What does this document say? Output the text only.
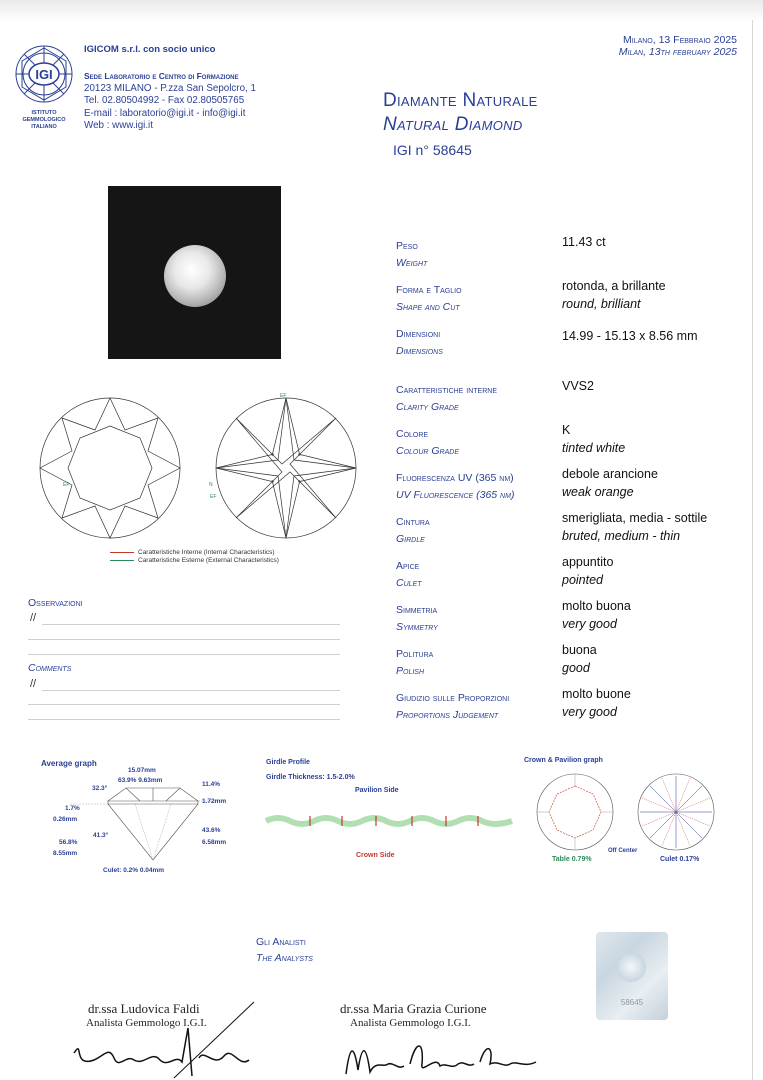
IGI
ISTITUTO
GEMMOLOGICO
ITALIANO
IGICOM s.r.l. con socio unico
Sede Laboratorio e Centro di Formazione
20123 MILANO - P.zza San Sepolcro, 1
Tel. 02.80504992 - Fax 02.80505765
E-mail : laboratorio@igi.it - info@igi.it
Web : www.igi.it
Milano, 13 Febbraio 2025
Milan, 13th february 2025
Diamante Naturale
Natural Diamond
IGI n° 58645
EF
EF
N
EF
Caratteristiche Interne (Internal Characteristics)
Caratteristiche Esterne (External Characteristics)
Osservazioni
//
Comments
//
Peso
Weight
11.43 ct
Forma e Taglio
Shape and Cut
rotonda, a brillante
round, brilliant
Dimensioni
Dimensions
14.99 - 15.13 x 8.56 mm
Caratteristiche interne
Clarity Grade
VVS2
Colore
Colour Grade
K
tinted white
Fluorescenza UV (365 nm)
UV Fluorescence (365 nm)
debole arancione
weak orange
Cintura
Girdle
smerigliata, media - sottile
bruted, medium - thin
Apice
Culet
appuntito
pointed
Simmetria
Symmetry
molto buona
very good
Politura
Polish
buona
good
Giudizio sulle Proporzioni
Proportions Judgement
molto buone
very good
Average graph
15.07mm
63.9% 9.63mm
32.3°
11.4%
1.7%
0.26mm
1.72mm
41.3°
43.6%
6.58mm
56.8%
8.55mm
Culet: 0.2% 0.04mm
Girdle Profile
Girdle Thickness: 1.5-2.0%
Pavilion Side
Crown Side
Crown & Pavilion graph
Table 0.79%
Off Center
Culet 0.17%
Gli Analisti
The Analysts
dr.ssa Ludovica Faldi
Analista Gemmologo I.G.I.
dr.ssa Maria Grazia Curione
Analista Gemmologo I.G.I.
58645
